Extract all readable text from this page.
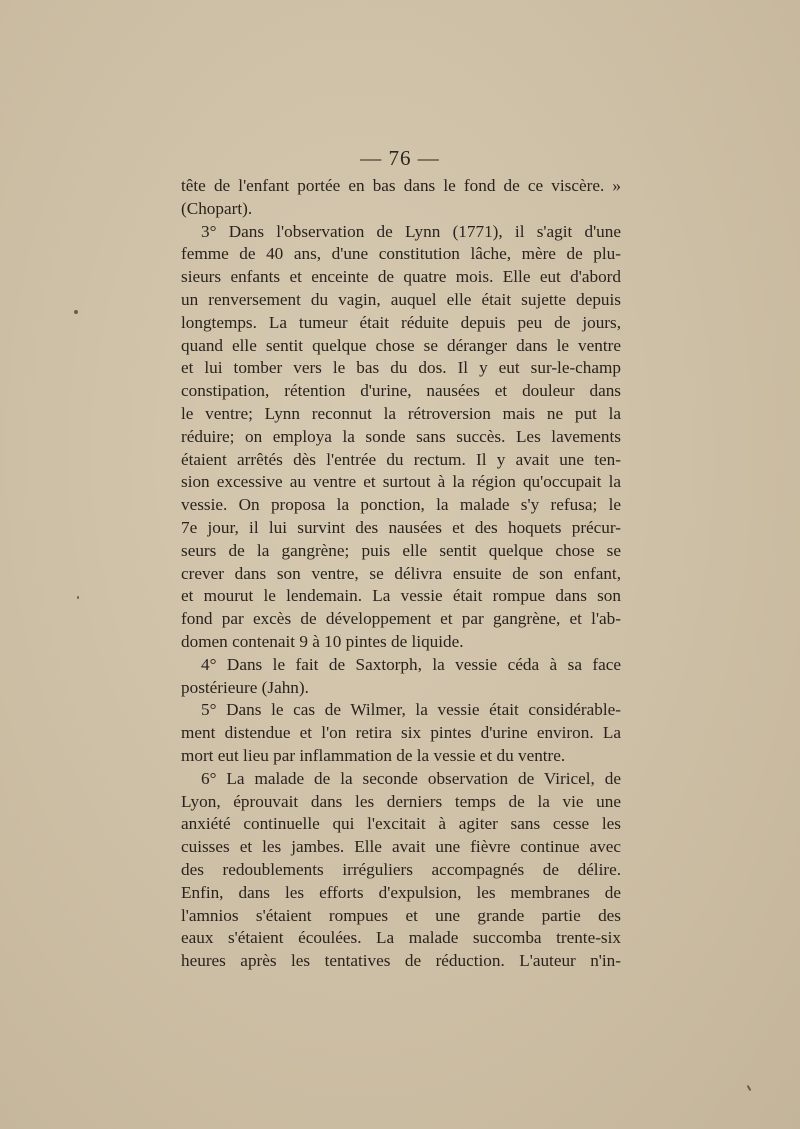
— 76 —
tête de l'enfant portée en bas dans le fond de ce viscère. »
(Chopart).
3° Dans l'observation de Lynn (1771), il s'agit d'une
femme de 40 ans, d'une constitution lâche, mère de plu-
sieurs enfants et enceinte de quatre mois. Elle eut d'abord
un renversement du vagin, auquel elle était sujette depuis
longtemps. La tumeur était réduite depuis peu de jours,
quand elle sentit quelque chose se déranger dans le ventre
et lui tomber vers le bas du dos. Il y eut sur-le-champ
constipation, rétention d'urine, nausées et douleur dans
le ventre; Lynn reconnut la rétroversion mais ne put la
réduire; on employa la sonde sans succès. Les lavements
étaient arrêtés dès l'entrée du rectum. Il y avait une ten-
sion excessive au ventre et surtout à la région qu'occupait la
vessie. On proposa la ponction, la malade s'y refusa; le
7e jour, il lui survint des nausées et des hoquets précur-
seurs de la gangrène; puis elle sentit quelque chose se
crever dans son ventre, se délivra ensuite de son enfant,
et mourut le lendemain. La vessie était rompue dans son
fond par excès de développement et par gangrène, et l'ab-
domen contenait 9 à 10 pintes de liquide.
4° Dans le fait de Saxtorph, la vessie céda à sa face
postérieure (Jahn).
5° Dans le cas de Wilmer, la vessie était considérable-
ment distendue et l'on retira six pintes d'urine environ. La
mort eut lieu par inflammation de la vessie et du ventre.
6° La malade de la seconde observation de Viricel, de
Lyon, éprouvait dans les derniers temps de la vie une
anxiété continuelle qui l'excitait à agiter sans cesse les
cuisses et les jambes. Elle avait une fièvre continue avec
des redoublements irréguliers accompagnés de délire.
Enfin, dans les efforts d'expulsion, les membranes de
l'amnios s'étaient rompues et une grande partie des
eaux s'étaient écoulées. La malade succomba trente-six
heures après les tentatives de réduction. L'auteur n'in-
